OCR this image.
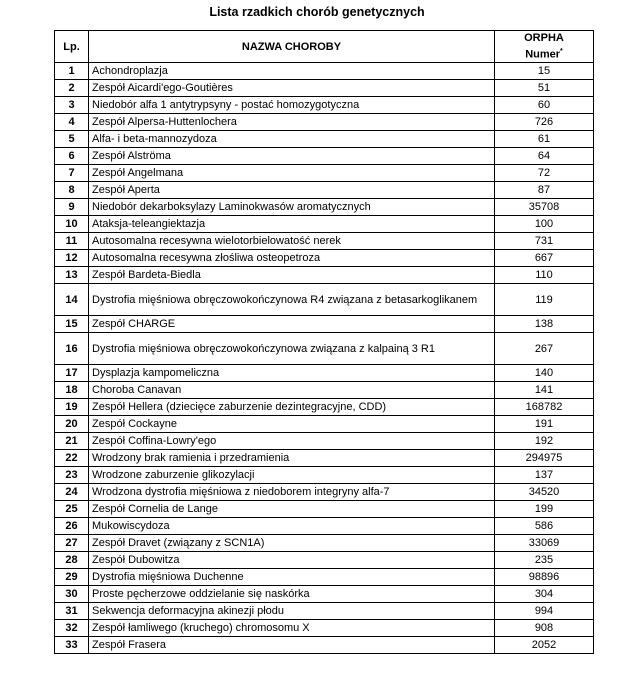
Lista rzadkich chorób genetycznych
Lp.	NAZWA CHOROBY	ORPHA
Numer*
1	Achondroplazja	15
2	Zespół Aicardi'ego-Goutières	51
3	Niedobór alfa 1 antytrypsyny - postać homozygotyczna	60
4	Zespół Alpersa-Huttenlochera	726
5	Alfa- i beta-mannozydoza	61
6	Zespół Alströma	64
7	Zespół Angelmana	72
8	Zespół Aperta	87
9	Niedobór dekarboksylazy Laminokwasów aromatycznych	35708
10	Ataksja-teleangiektazja	100
11	Autosomalna recesywna wielotorbielowatość nerek	731
12	Autosomalna recesywna złośliwa osteopetroza	667
13	Zespół Bardeta-Biedla	110
14	Dystrofia mięśniowa obręczowokończynowa R4 związana z betasarkoglikanem	119
15	Zespół CHARGE	138
16	Dystrofia mięśniowa obręczowokończynowa związana z kalpainą 3 R1	267
17	Dysplazja kampomeliczna	140
18	Choroba Canavan	141
19	Zespół Hellera (dziecięce zaburzenie dezintegracyjne, CDD)	168782
20	Zespół Cockayne	191
21	Zespół Coffina-Lowry'ego	192
22	Wrodzony brak ramienia i przedramienia	294975
23	Wrodzone zaburzenie glikozylacji	137
24	Wrodzona dystrofia mięśniowa z niedoborem integryny alfa-7	34520
25	Zespół Cornelia de Lange	199
26	Mukowiscydoza	586
27	Zespół Dravet (związany z SCN1A)	33069
28	Zespół Dubowitza	235
29	Dystrofia mięśniowa Duchenne	98896
30	Proste pęcherzowe oddzielanie się naskórka	304
31	Sekwencja deformacyjna akinezji płodu	994
32	Zespół łamliwego (kruchego) chromosomu X	908
33	Zespół Frasera	2052
